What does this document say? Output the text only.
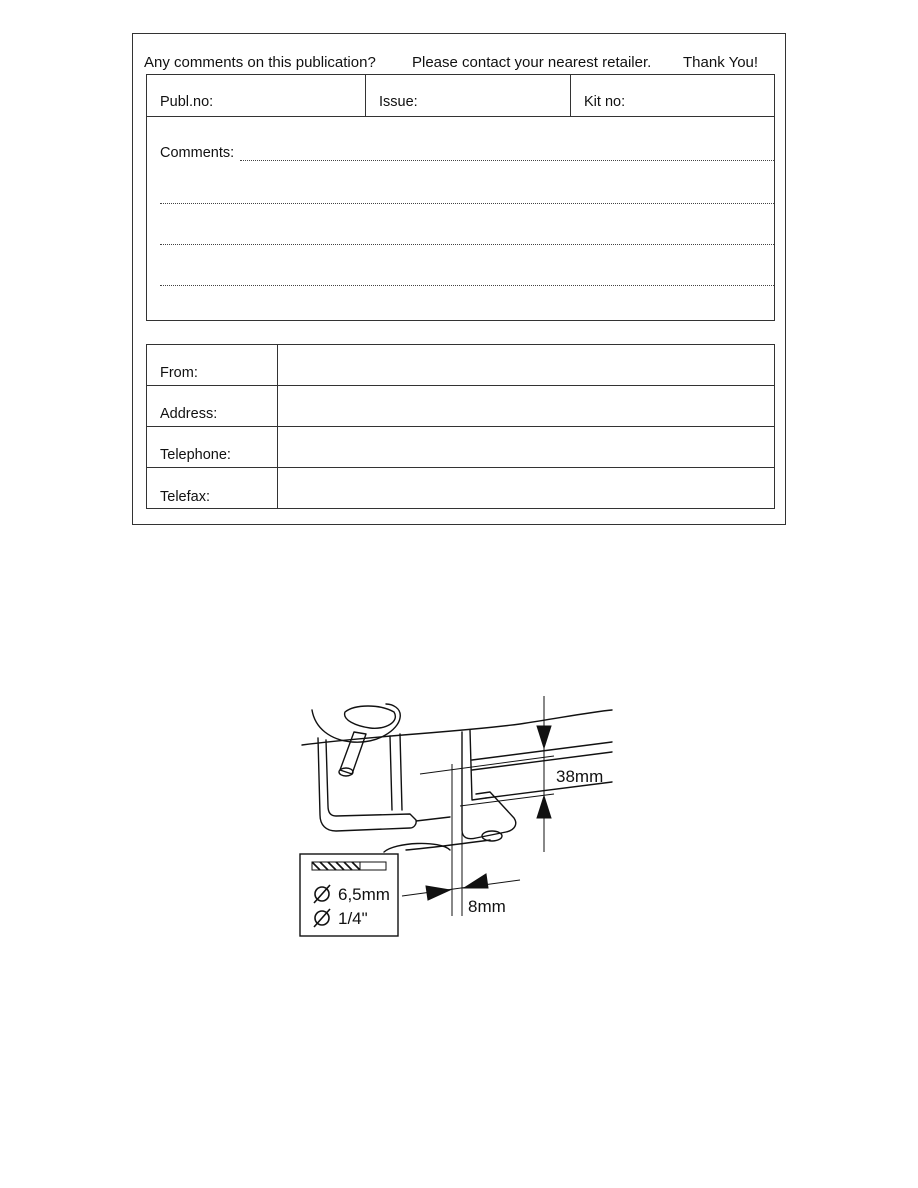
Any comments on this publication? Please contact your nearest retailer. Thank You!
Publ.no:	Issue:	Kit no:
Comments:
From:
Address:
Telephone:
Telefax:
6,5mm
1/4"
38mm
8mm
